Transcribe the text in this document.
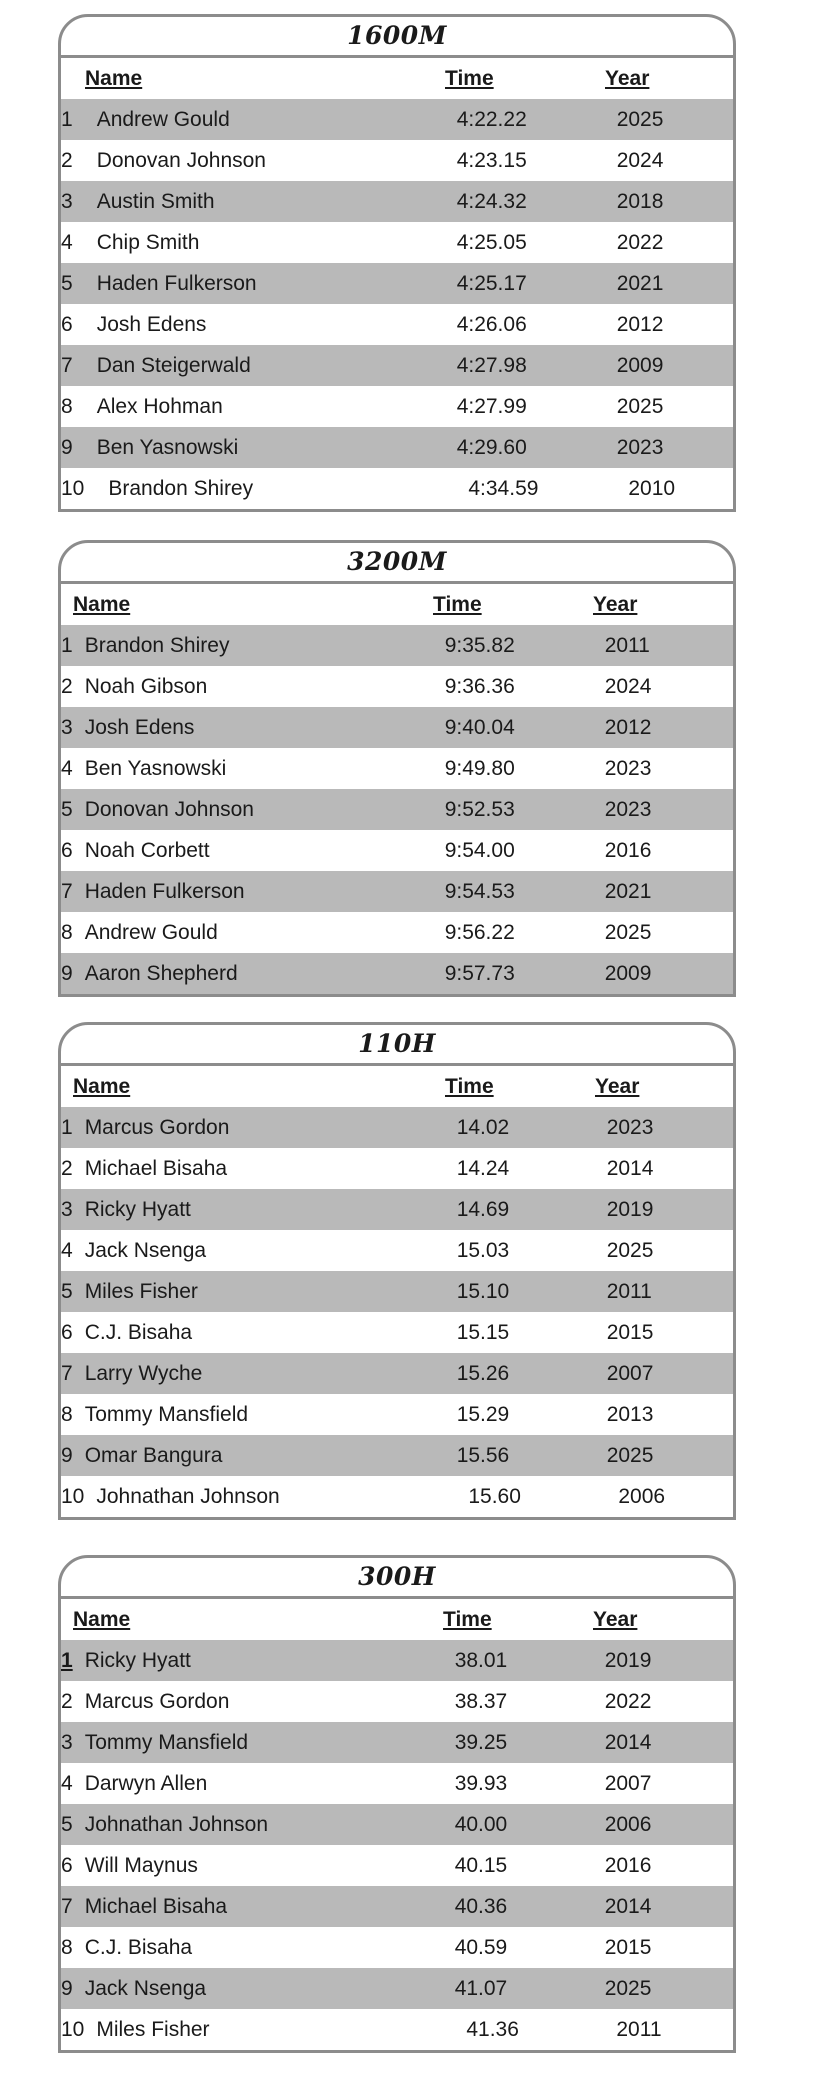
1600M
Name	Time	Year
1	Andrew Gould	4:22.22	2025
2	Donovan Johnson	4:23.15	2024
3	Austin Smith	4:24.32	2018
4	Chip Smith	4:25.05	2022
5	Haden Fulkerson	4:25.17	2021
6	Josh Edens	4:26.06	2012
7	Dan Steigerwald	4:27.98	2009
8	Alex Hohman	4:27.99	2025
9	Ben Yasnowski	4:29.60	2023
10	Brandon Shirey	4:34.59	2010
3200M
Name	Time	Year
1 Brandon Shirey	9:35.82	2011
2 Noah Gibson	9:36.36	2024
3 Josh Edens	9:40.04	2012
4 Ben Yasnowski	9:49.80	2023
5 Donovan Johnson	9:52.53	2023
6 Noah Corbett	9:54.00	2016
7 Haden Fulkerson	9:54.53	2021
8 Andrew Gould	9:56.22	2025
9 Aaron Shepherd	9:57.73	2009
110H
Name	Time	Year
1 Marcus Gordon	14.02	2023
2 Michael Bisaha	14.24	2014
3 Ricky Hyatt	14.69	2019
4 Jack Nsenga	15.03	2025
5 Miles Fisher	15.10	2011
6 C.J. Bisaha	15.15	2015
7 Larry Wyche	15.26	2007
8 Tommy Mansfield	15.29	2013
9 Omar Bangura	15.56	2025
10 Johnathan Johnson	15.60	2006
300H
Name	Time	Year
1 Ricky Hyatt	38.01	2019
2 Marcus Gordon	38.37	2022
3 Tommy Mansfield	39.25	2014
4 Darwyn Allen	39.93	2007
5 Johnathan Johnson	40.00	2006
6 Will Maynus	40.15	2016
7 Michael Bisaha	40.36	2014
8 C.J. Bisaha	40.59	2015
9 Jack Nsenga	41.07	2025
10 Miles Fisher	41.36	2011
